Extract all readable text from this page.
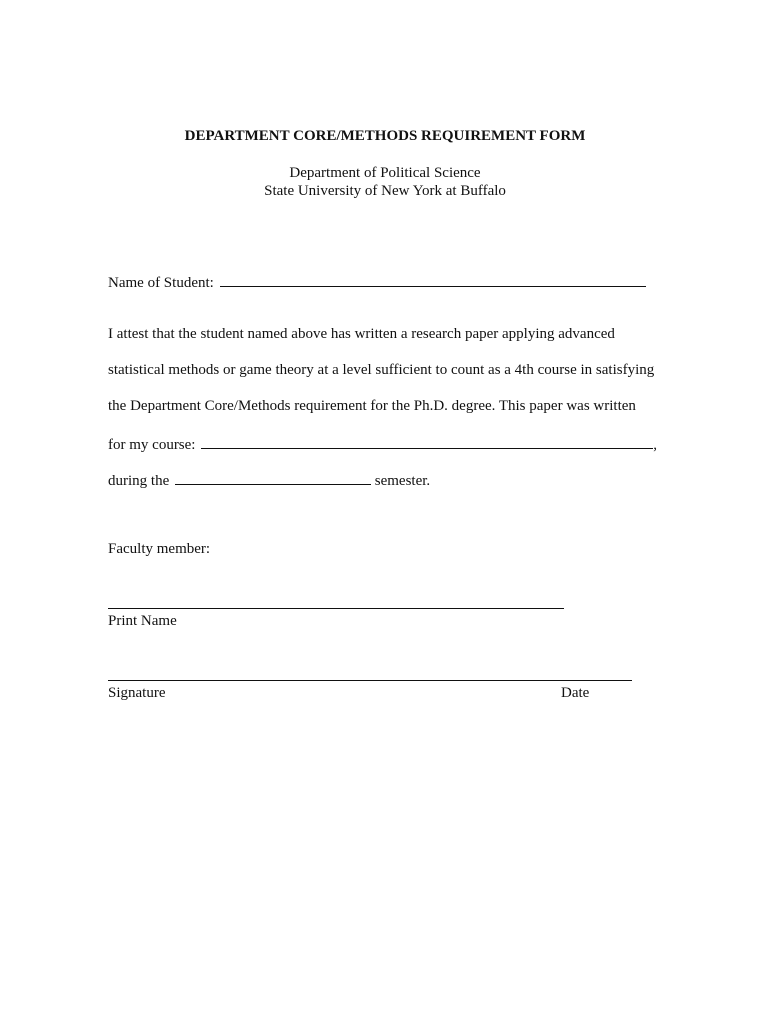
DEPARTMENT CORE/METHODS REQUIREMENT FORM
Department of Political Science
State University of New York at Buffalo
Name of Student:
I attest that the student named above has written a research paper applying advanced
statistical methods or game theory at a level sufficient to count as a 4th course in satisfying
the Department Core/Methods requirement for the Ph.D. degree. This paper was written
for my course:	,
during the	semester.
Faculty member:
Print Name
Signature	Date
